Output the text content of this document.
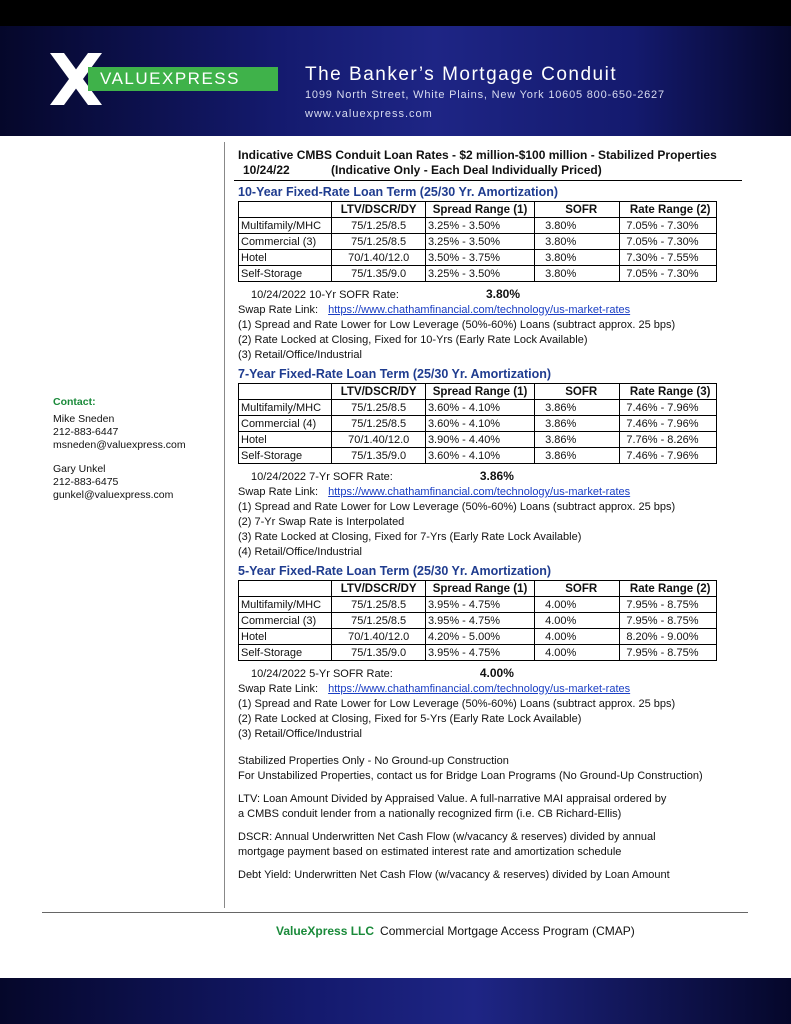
VALUEXPRESS	The Banker’s Mortgage Conduit
1099 North Street, White Plains, New York 10605 800-650-2627
www.valuexpress.com
Contact:
Mike Sneden
212-883-6447
msneden@valuexpress.com
Gary Unkel
212-883-6475
gunkel@valuexpress.com
Indicative CMBS Conduit Loan Rates - $2 million-$100 million - Stabilized Properties
10/24/22	(Indicative Only - Each Deal Individually Priced)
10-Year Fixed-Rate Loan Term (25/30 Yr. Amortization)
	LTV/DSCR/DY	Spread Range (1)	SOFR	Rate Range (2)
Multifamily/MHC	75/1.25/8.5	3.25% - 3.50%	3.80%	7.05% - 7.30%
Commercial (3)	75/1.25/8.5	3.25% - 3.50%	3.80%	7.05% - 7.30%
Hotel	70/1.40/12.0	3.50% - 3.75%	3.80%	7.30% - 7.55%
Self-Storage	75/1.35/9.0	3.25% - 3.50%	3.80%	7.05% - 7.30%
10/24/2022 10-Yr SOFR Rate:	3.80%
Swap Rate Link: https://www.chathamfinancial.com/technology/us-market-rates
(1) Spread and Rate Lower for Low Leverage (50%-60%) Loans (subtract approx. 25 bps)
(2) Rate Locked at Closing, Fixed for 10-Yrs (Early Rate Lock Available)
(3) Retail/Office/Industrial
7-Year Fixed-Rate Loan Term (25/30 Yr. Amortization)
	LTV/DSCR/DY	Spread Range (1)	SOFR	Rate Range (3)
Multifamily/MHC	75/1.25/8.5	3.60% - 4.10%	3.86%	7.46% - 7.96%
Commercial (4)	75/1.25/8.5	3.60% - 4.10%	3.86%	7.46% - 7.96%
Hotel	70/1.40/12.0	3.90% - 4.40%	3.86%	7.76% - 8.26%
Self-Storage	75/1.35/9.0	3.60% - 4.10%	3.86%	7.46% - 7.96%
10/24/2022 7-Yr SOFR Rate:	3.86%
Swap Rate Link: https://www.chathamfinancial.com/technology/us-market-rates
(1) Spread and Rate Lower for Low Leverage (50%-60%) Loans (subtract approx. 25 bps)
(2) 7-Yr Swap Rate is Interpolated
(3) Rate Locked at Closing, Fixed for 7-Yrs (Early Rate Lock Available)
(4) Retail/Office/Industrial
5-Year Fixed-Rate Loan Term (25/30 Yr. Amortization)
	LTV/DSCR/DY	Spread Range (1)	SOFR	Rate Range (2)
Multifamily/MHC	75/1.25/8.5	3.95% - 4.75%	4.00%	7.95% - 8.75%
Commercial (3)	75/1.25/8.5	3.95% - 4.75%	4.00%	7.95% - 8.75%
Hotel	70/1.40/12.0	4.20% - 5.00%	4.00%	8.20% - 9.00%
Self-Storage	75/1.35/9.0	3.95% - 4.75%	4.00%	7.95% - 8.75%
10/24/2022 5-Yr SOFR Rate:	4.00%
Swap Rate Link: https://www.chathamfinancial.com/technology/us-market-rates
(1) Spread and Rate Lower for Low Leverage (50%-60%) Loans (subtract approx. 25 bps)
(2) Rate Locked at Closing, Fixed for 5-Yrs (Early Rate Lock Available)
(3) Retail/Office/Industrial

Stabilized Properties Only - No Ground-up Construction
For Unstabilized Properties, contact us for Bridge Loan Programs (No Ground-Up Construction)

LTV: Loan Amount Divided by Appraised Value. A full-narrative MAI appraisal ordered by
a CMBS conduit lender from a nationally recognized firm (i.e. CB Richard-Ellis)

DSCR: Annual Underwritten Net Cash Flow (w/vacancy & reserves) divided by annual
mortgage payment based on estimated interest rate and amortization schedule

Debt Yield: Underwritten Net Cash Flow (w/vacancy & reserves) divided by Loan Amount

ValueXpress LLC Commercial Mortgage Access Program (CMAP)
